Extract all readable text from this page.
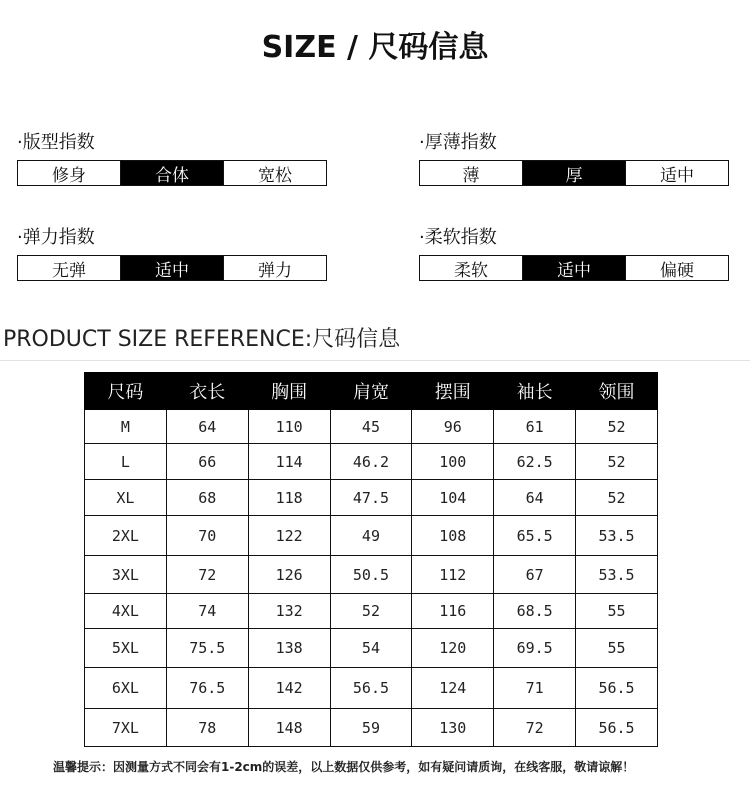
SIZE / 尺码信息
·版型指数
修身	合体	宽松
·厚薄指数
薄	厚	适中
·弹力指数
无弹	适中	弹力
·柔软指数
柔软	适中	偏硬
PRODUCT SIZE REFERENCE:尺码信息
尺码	衣长	胸围	肩宽	摆围	袖长	领围
M	64	110	45	96	61	52
L	66	114	46.2	100	62.5	52
XL	68	118	47.5	104	64	52
2XL	70	122	49	108	65.5	53.5
3XL	72	126	50.5	112	67	53.5
4XL	74	132	52	116	68.5	55
5XL	75.5	138	54	120	69.5	55
6XL	76.5	142	56.5	124	71	56.5
7XL	78	148	59	130	72	56.5
温馨提示：因测量方式不同会有1-2cm的误差，以上数据仅供参考，如有疑问请质询，在线客服，敬请谅解！
